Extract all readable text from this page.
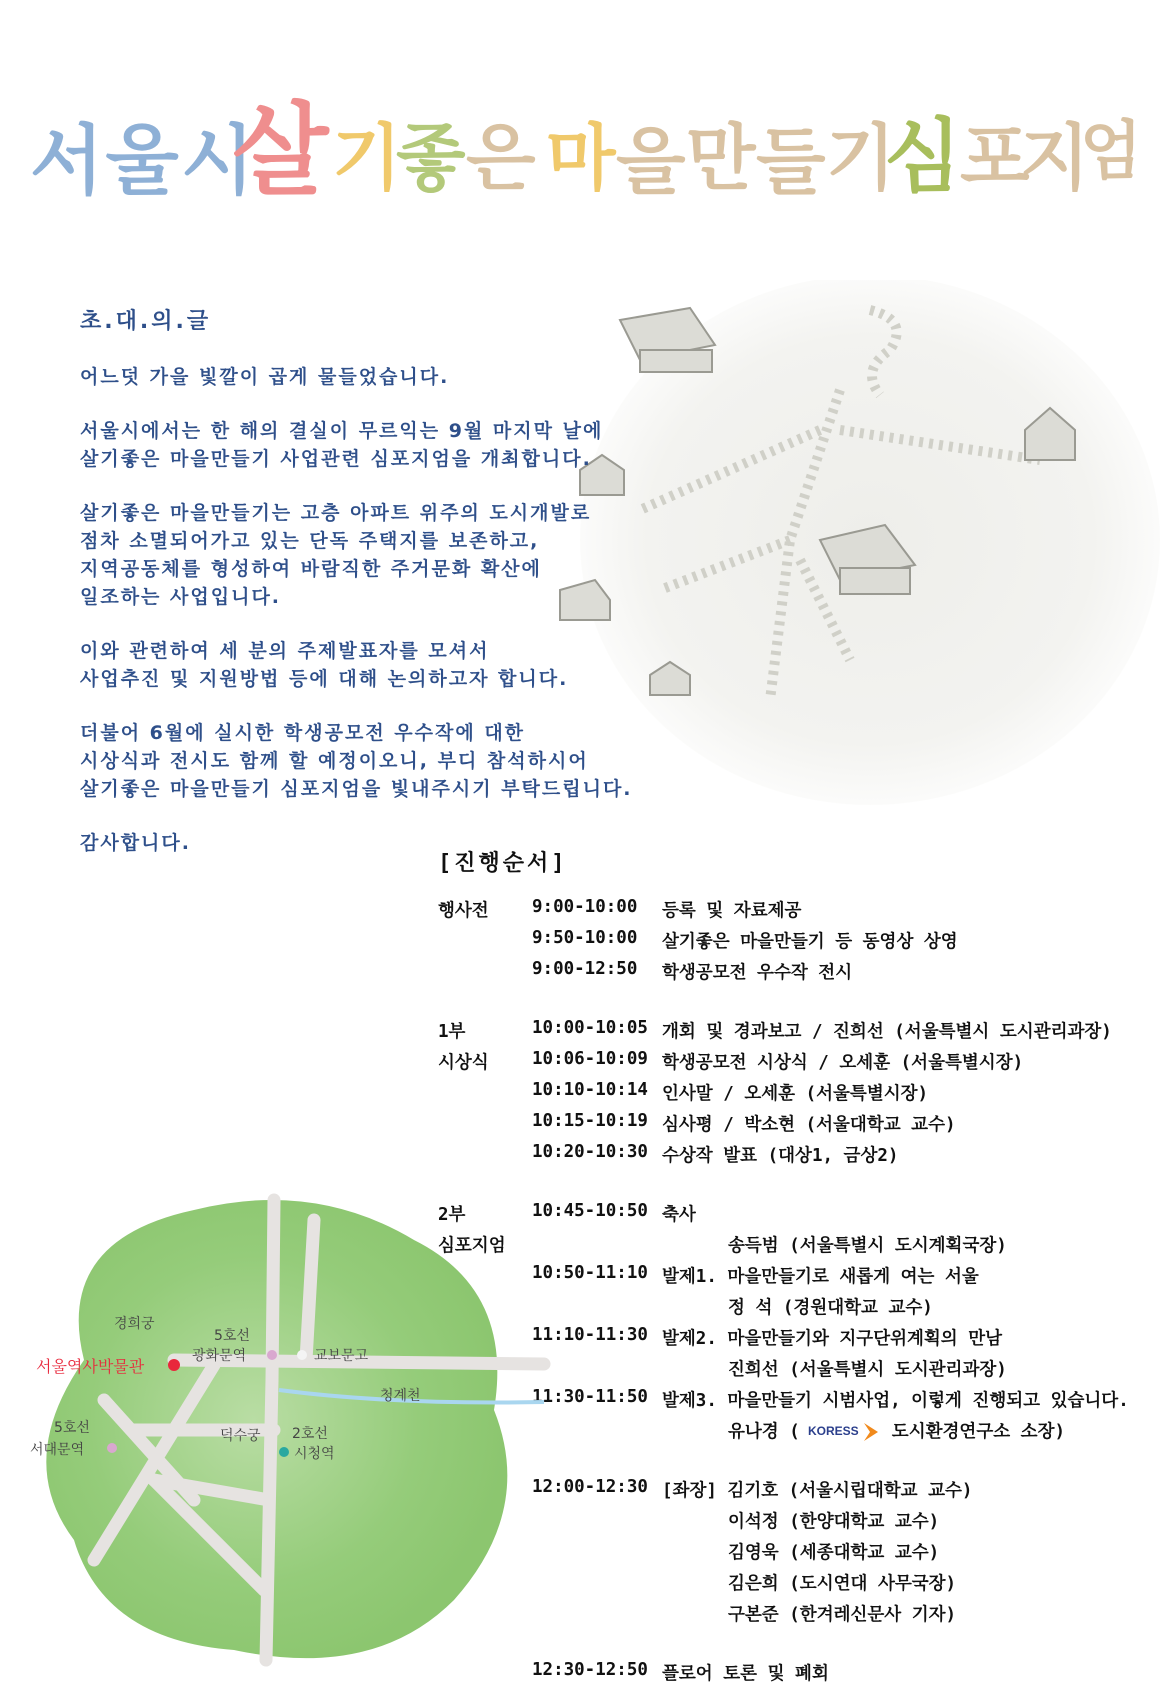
서울시
살 기
좋
은 마
을
만
들
기
심
포
지
엄
초.대.의.글

어느덧 가을 빛깔이 곱게 물들었습니다.

서울시에서는 한 해의 결실이 무르익는 9월 마지막 날에
살기좋은 마을만들기 사업관련 심포지엄을 개최합니다.

살기좋은 마을만들기는 고층 아파트 위주의 도시개발로
점차 소멸되어가고 있는 단독 주택지를 보존하고,
지역공동체를 형성하여 바람직한 주거문화 확산에
일조하는 사업입니다.

이와 관련하여 세 분의 주제발표자를 모셔서
사업추진 및 지원방법 등에 대해 논의하고자 합니다.

더불어 6월에 실시한 학생공모전 우수작에 대한
시상식과 전시도 함께 할 예정이오니, 부디 참석하시어
살기좋은 마을만들기 심포지엄을 빛내주시기 부탁드립니다.

감사합니다.

[진행순서]
행사전 9:00-10:00 등록 및 자료제공
9:50-10:00 살기좋은 마을만들기 등 동영상 상영
9:00-12:50 학생공모전 우수작 전시
1부	10:00-10:05 개회 및 경과보고 / 진희선 (서울특별시 도시관리과장)
시상식 10:06-10:09 학생공모전 시상식 / 오세훈 (서울특별시장)
10:10-10:14 인사말 / 오세훈 (서울특별시장)
10:15-10:19 심사평 / 박소현 (서울대학교 교수)
10:20-10:30 수상작 발표 (대상1, 금상2)
2부	10:45-10:50 축사
심포지엄	송득범 (서울특별시 도시계획국장)
10:50-11:10 발제1. 마을만들기로 새롭게 여는 서울
정 석 (경원대학교 교수)
11:10-11:30 발제2. 마을만들기와 지구단위계획의 만남
진희선 (서울특별시 도시관리과장)
11:30-11:50 발제3. 마을만들기 시범사업, 이렇게 진행되고 있습니다.
유나경 ( KORESS 도시환경연구소 소장)
12:00-12:30 [좌장] 김기호 (서울시립대학교 교수)
이석정 (한양대학교 교수)
김영욱 (세종대학교 교수)
김은희 (도시연대 사무국장)
구본준 (한겨레신문사 기자)
12:30-12:50 플로어 토론 및 폐회
경희궁
서울역사박물관
5호선
광화문역	교보문고
청계천
5호선
서대문역
덕수궁 2호선
시청역
